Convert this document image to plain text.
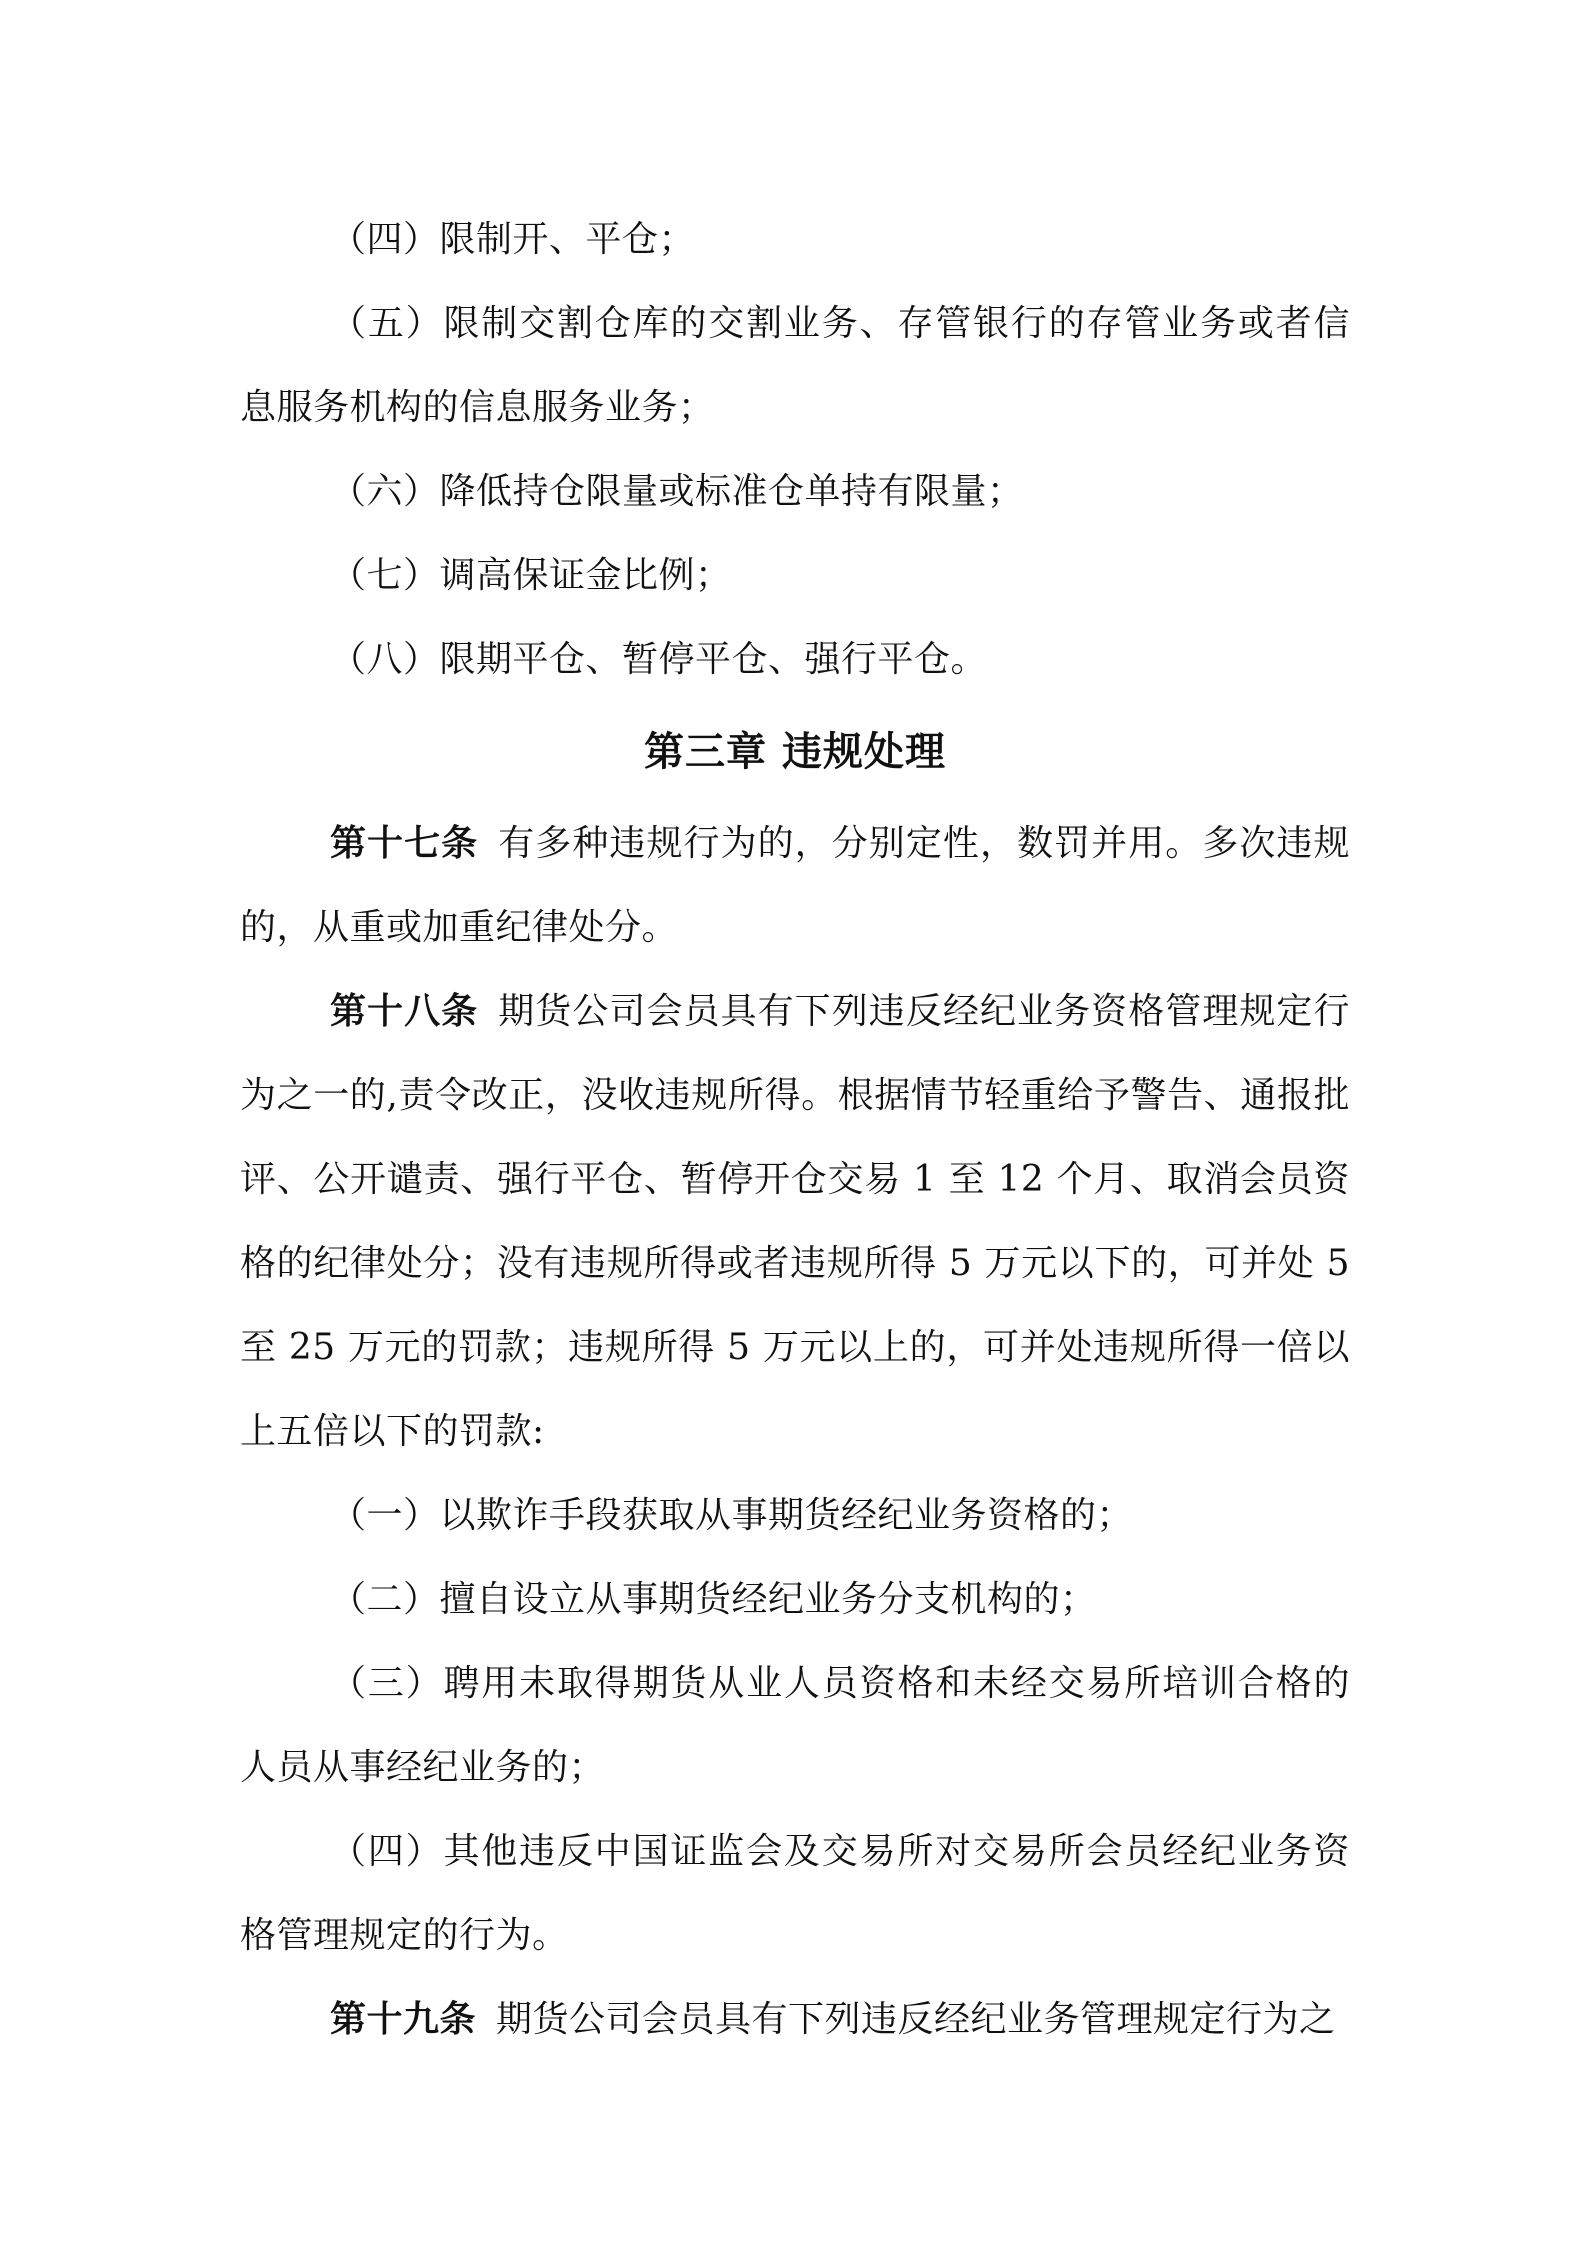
（四）限制开、平仓；

（五）限制交割仓库的交割业务、存管银行的存管业务或者信息服务机构的信息服务业务；

（六）降低持仓限量或标准仓单持有限量；

（七）调高保证金比例；

（八）限期平仓、暂停平仓、强行平仓。

第三章 违规处理

第十七条 有多种违规行为的，分别定性，数罚并用。多次违规的，从重或加重纪律处分。

第十八条 期货公司会员具有下列违反经纪业务资格管理规定行为之一的,责令改正，没收违规所得。根据情节轻重给予警告、通报批评、公开谴责、强行平仓、暂停开仓交易 1 至 12 个月、取消会员资格的纪律处分；没有违规所得或者违规所得 5 万元以下的，可并处 5 至 25 万元的罚款；违规所得 5 万元以上的，可并处违规所得一倍以上五倍以下的罚款:

（一）以欺诈手段获取从事期货经纪业务资格的；

（二）擅自设立从事期货经纪业务分支机构的；

（三）聘用未取得期货从业人员资格和未经交易所培训合格的人员从事经纪业务的；

（四）其他违反中国证监会及交易所对交易所会员经纪业务资格管理规定的行为。

第十九条 期货公司会员具有下列违反经纪业务管理规定行为之
